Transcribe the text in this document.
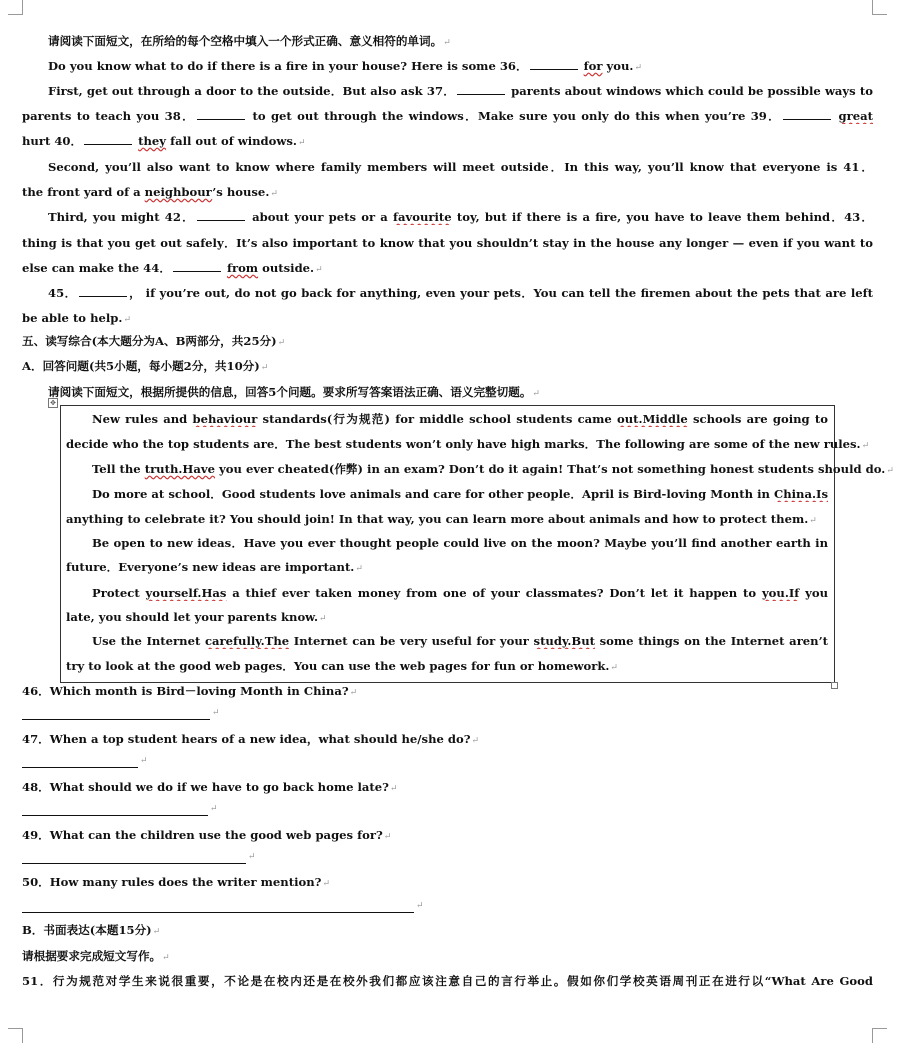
请阅读下面短文，在所给的每个空格中填入一个形式正确、意义相符的单词。↵
Do you know what to do if there is a fire in your house? Here is some 36．	for you.↵
First, get out through a door to the outside．But also ask 37．	parents about windows which could be possible ways to
parents to teach you 38．	to get out through the windows．Make sure you only do this when you’re 39．	great
hurt 40．	they fall out of windows.↵
Second, you’ll also want to know where family members will meet outside．In this way, you’ll know that everyone is 41．
the front yard of a neighbour’s house.↵
Third, you might 42．	about your pets or a favourite toy, but if there is a fire, you have to leave them behind．43．
thing is that you get out safely．It’s also important to know that you shouldn’t stay in the house any longer — even if you want to
else can make the 44．	from outside.↵
45．	， if you’re out, do not go back for anything, even your pets．You can tell the firemen about the pets that are left
be able to help.↵
五、读写综合(本大题分为A、B两部分，共25分)↵
A．回答问题(共5小题，每小题2分，共10分)↵
请阅读下面短文，根据所提供的信息，回答5个问题。要求所写答案语法正确、语义完整切题。↵
✥
New rules and behaviour standards(行为规范) for middle school students came out.Middle schools are going to
decide who the top students are．The best students won’t only have high marks．The following are some of the new rules.↵
Tell the truth.Have you ever cheated(作弊) in an exam? Don’t do it again! That’s not something honest students should do.↵
Do more at school．Good students love animals and care for other people．April is Bird-loving Month in China.Is
anything to celebrate it? You should join! In that way, you can learn more about animals and how to protect them.↵
Be open to new ideas．Have you ever thought people could live on the moon? Maybe you’ll find another earth in
future．Everyone’s new ideas are important.↵
Protect yourself.Has a thief ever taken money from one of your classmates? Don’t let it happen to you.If you
late, you should let your parents know.↵
Use the Internet carefully.The Internet can be very useful for your study.But some things on the Internet aren’t
try to look at the good web pages．You can use the web pages for fun or homework.↵
46．Which month is Bird－loving Month in China?↵
↵
47．When a top student hears of a new idea，what should he/she do?↵
↵
48．What should we do if we have to go back home late?↵
↵
49．What can the children use the good web pages for?↵
↵
50．How many rules does the writer mention?↵
↵
B．书面表达(本题15分)↵
请根据要求完成短文写作。↵
51．行为规范对学生来说很重要，不论是在校内还是在校外我们都应该注意自己的言行举止。假如你们学校英语周刊正在进行以“What Are Good
